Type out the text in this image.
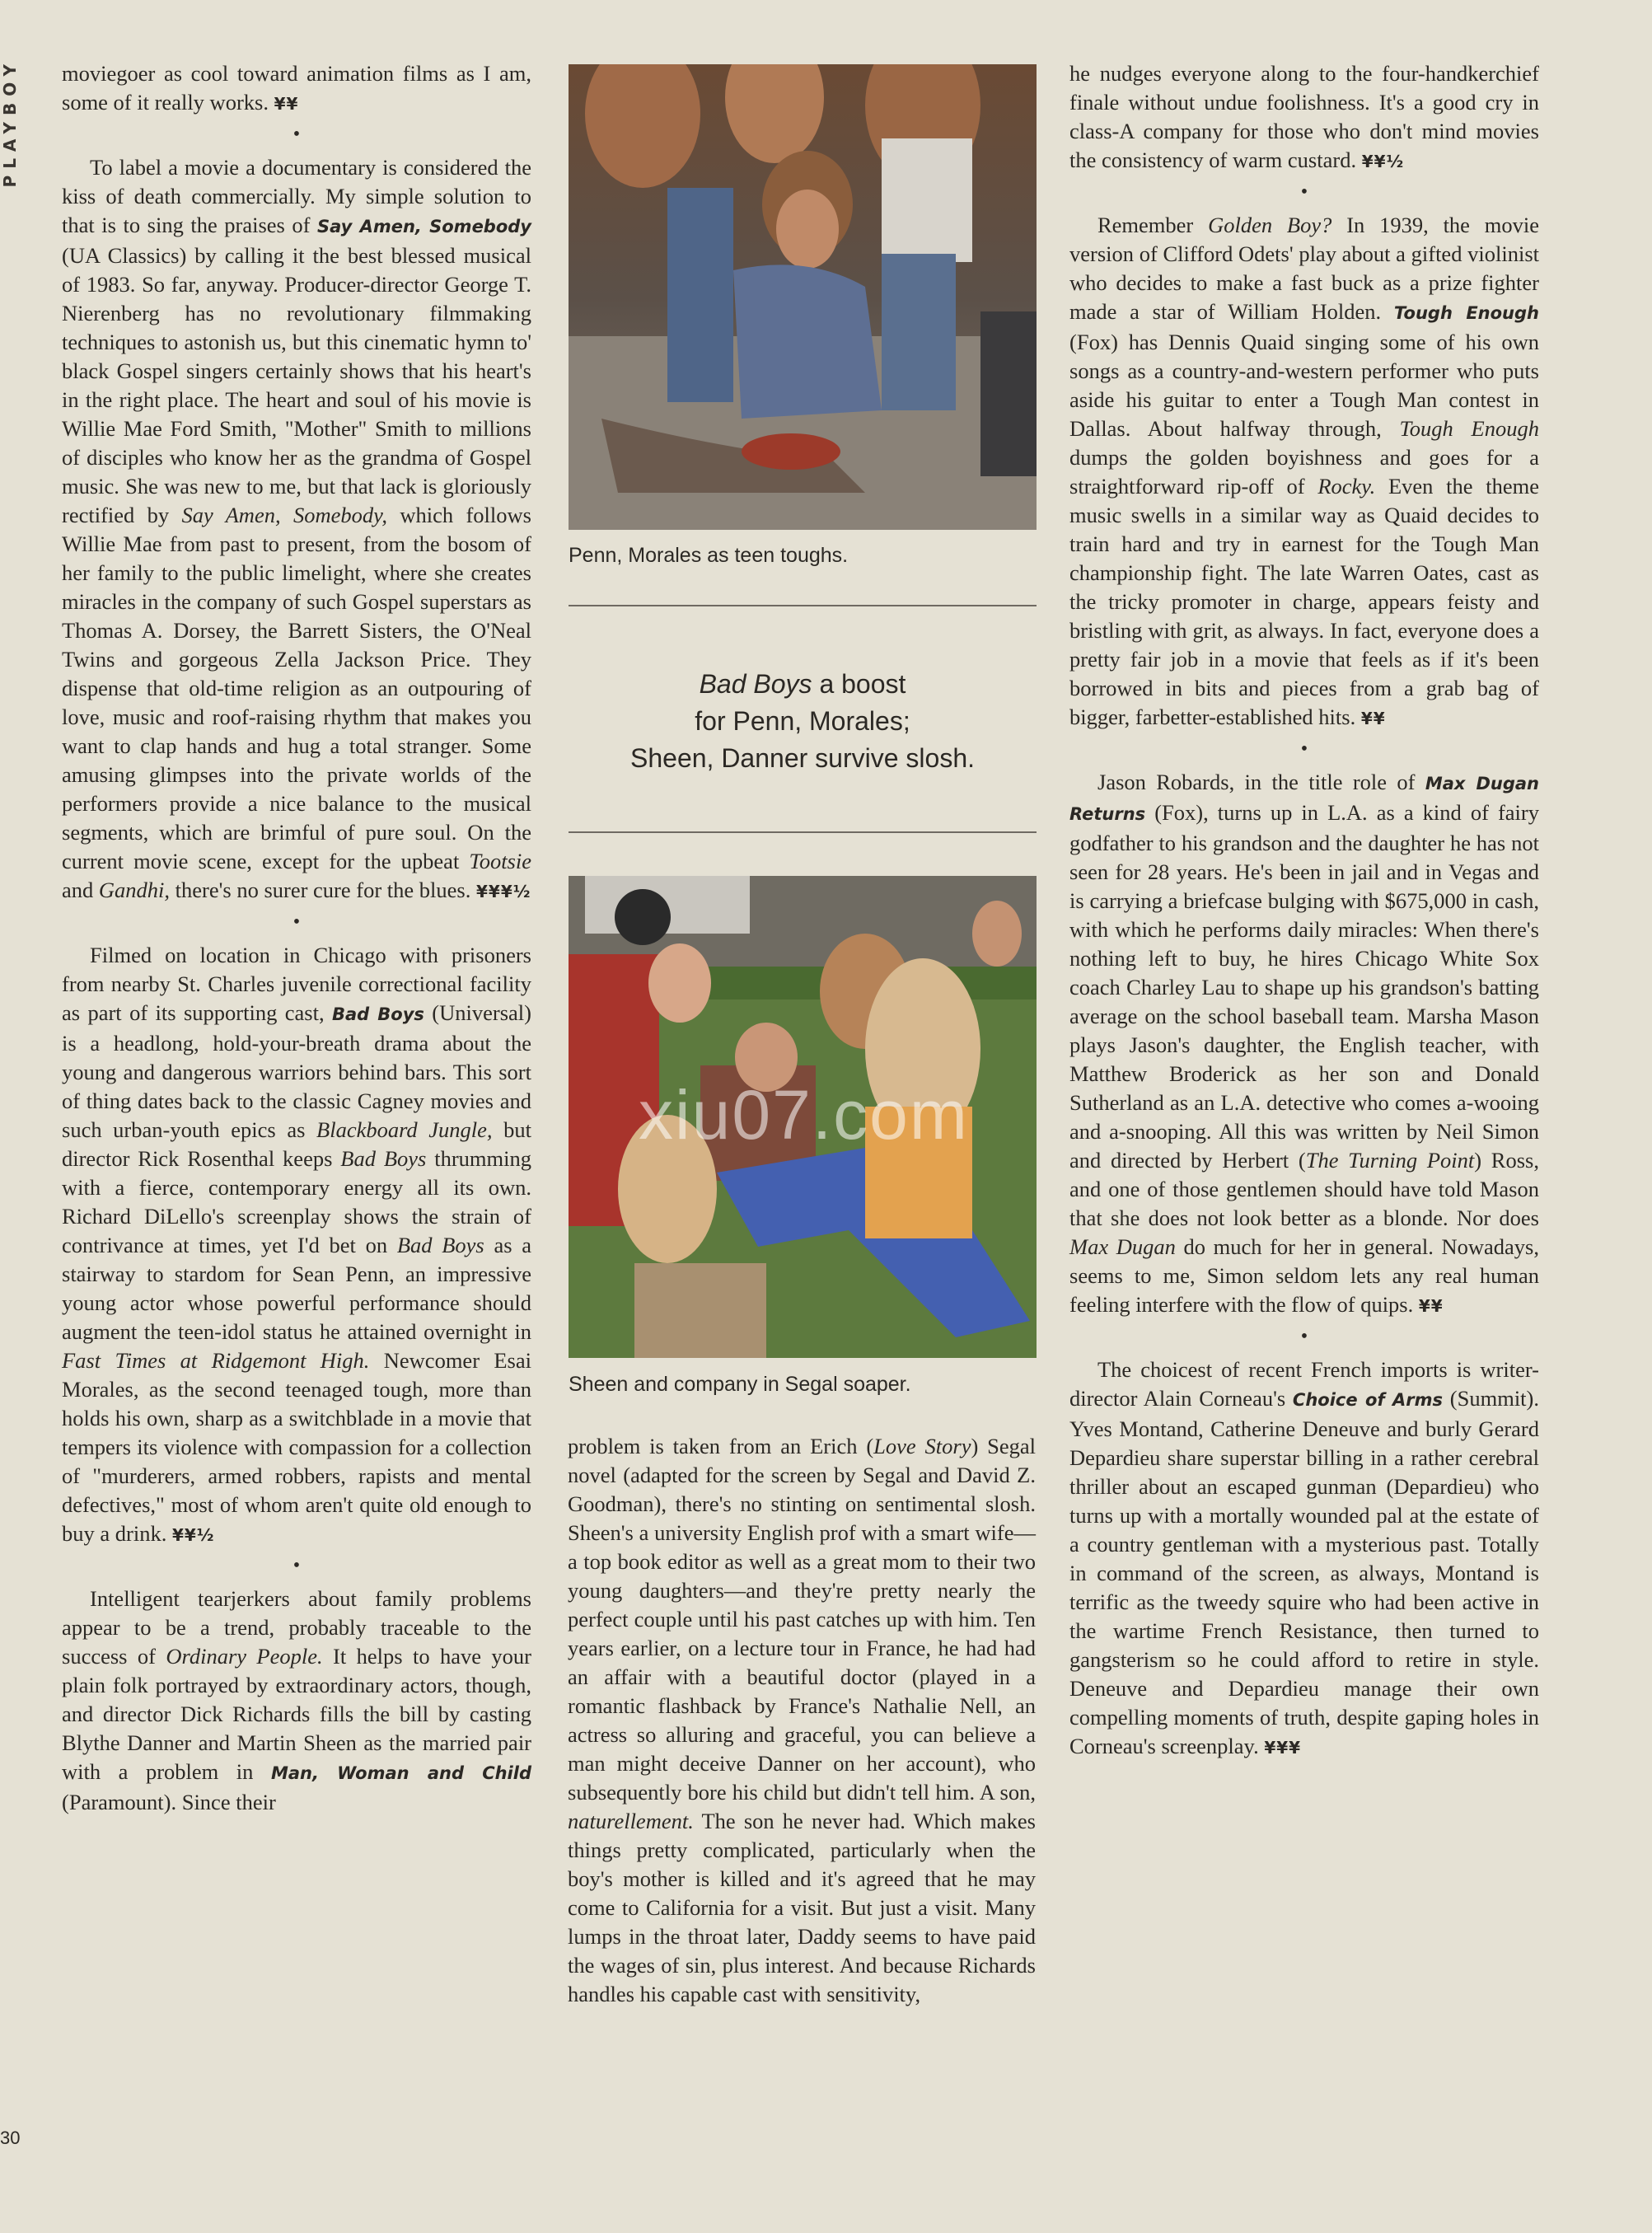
PLAYBOY
30

moviegoer as cool toward animation films as I am, some of it really works. ¥¥

•

To label a movie a documentary is considered the kiss of death commercially. My simple solution to that is to sing the praises of Say Amen, Somebody (UA Classics) by calling it the best blessed musical of 1983. So far, anyway. Producer-director George T. Nierenberg has no revolutionary filmmaking techniques to astonish us, but this cinematic hymn to' black Gospel singers certainly shows that his heart's in the right place. The heart and soul of his movie is Willie Mae Ford Smith, "Mother" Smith to millions of disciples who know her as the grandma of Gospel music. She was new to me, but that lack is gloriously rectified by Say Amen, Somebody, which follows Willie Mae from past to present, from the bosom of her family to the public limelight, where she creates miracles in the company of such Gospel superstars as Thomas A. Dorsey, the Barrett Sisters, the O'Neal Twins and gorgeous Zella Jackson Price. They dispense that old-time religion as an outpouring of love, music and roof-raising rhythm that makes you want to clap hands and hug a total stranger. Some amusing glimpses into the private worlds of the performers provide a nice balance to the musical segments, which are brimful of pure soul. On the current movie scene, except for the upbeat Tootsie and Gandhi, there's no surer cure for the blues. ¥¥¥½

•

Filmed on location in Chicago with prisoners from nearby St. Charles juvenile correctional facility as part of its supporting cast, Bad Boys (Universal) is a headlong, hold-your-breath drama about the young and dangerous warriors behind bars. This sort of thing dates back to the classic Cagney movies and such urban-youth epics as Blackboard Jungle, but director Rick Rosenthal keeps Bad Boys thrumming with a fierce, contemporary energy all its own. Richard DiLello's screenplay shows the strain of contrivance at times, yet I'd bet on Bad Boys as a stairway to stardom for Sean Penn, an impressive young actor whose powerful performance should augment the teen-idol status he attained overnight in Fast Times at Ridgemont High. Newcomer Esai Morales, as the second teenaged tough, more than holds his own, sharp as a switchblade in a movie that tempers its violence with compassion for a collection of "murderers, armed robbers, rapists and mental defectives," most of whom aren't quite old enough to buy a drink. ¥¥½

•

Intelligent tearjerkers about family problems appear to be a trend, probably traceable to the success of Ordinary People. It helps to have your plain folk portrayed by extraordinary actors, though, and director Dick Richards fills the bill by casting Blythe Danner and Martin Sheen as the married pair with a problem in Man, Woman and Child (Paramount). Since their

Penn, Morales as teen toughs.
Bad Boys a boost
for Penn, Morales;
Sheen, Danner survive slosh.
Sheen and company in Segal soaper.

problem is taken from an Erich (Love Story) Segal novel (adapted for the screen by Segal and David Z. Goodman), there's no stinting on sentimental slosh. Sheen's a university English prof with a smart wife—a top book editor as well as a great mom to their two young daughters—and they're pretty nearly the perfect couple until his past catches up with him. Ten years earlier, on a lecture tour in France, he had had an affair with a beautiful doctor (played in a romantic flashback by France's Nathalie Nell, an actress so alluring and graceful, you can believe a man might deceive Danner on her account), who subsequently bore his child but didn't tell him. A son, naturellement. The son he never had. Which makes things pretty complicated, particularly when the boy's mother is killed and it's agreed that he may come to California for a visit. But just a visit. Many lumps in the throat later, Daddy seems to have paid the wages of sin, plus interest. And because Richards handles his capable cast with sensitivity,

he nudges everyone along to the four-handkerchief finale without undue foolishness. It's a good cry in class-A company for those who don't mind movies the consistency of warm custard. ¥¥½

•

Remember Golden Boy? In 1939, the movie version of Clifford Odets' play about a gifted violinist who decides to make a fast buck as a prize fighter made a star of William Holden. Tough Enough (Fox) has Dennis Quaid singing some of his own songs as a country-and-western performer who puts aside his guitar to enter a Tough Man contest in Dallas. About halfway through, Tough Enough dumps the golden boyishness and goes for a straightforward rip-off of Rocky. Even the theme music swells in a similar way as Quaid decides to train hard and try in earnest for the Tough Man championship fight. The late Warren Oates, cast as the tricky promoter in charge, appears feisty and bristling with grit, as always. In fact, everyone does a pretty fair job in a movie that feels as if it's been borrowed in bits and pieces from a grab bag of bigger, farbetter-established hits. ¥¥

•

Jason Robards, in the title role of Max Dugan Returns (Fox), turns up in L.A. as a kind of fairy godfather to his grandson and the daughter he has not seen for 28 years. He's been in jail and in Vegas and is carrying a briefcase bulging with $675,000 in cash, with which he performs daily miracles: When there's nothing left to buy, he hires Chicago White Sox coach Charley Lau to shape up his grandson's batting average on the school baseball team. Marsha Mason plays Jason's daughter, the English teacher, with Matthew Broderick as her son and Donald Sutherland as an L.A. detective who comes a-wooing and a-snooping. All this was written by Neil Simon and directed by Herbert (The Turning Point) Ross, and one of those gentlemen should have told Mason that she does not look better as a blonde. Nor does Max Dugan do much for her in general. Nowadays, seems to me, Simon seldom lets any real human feeling interfere with the flow of quips. ¥¥

•

The choicest of recent French imports is writer-director Alain Corneau's Choice of Arms (Summit). Yves Montand, Catherine Deneuve and burly Gerard Depardieu share superstar billing in a rather cerebral thriller about an escaped gunman (Depardieu) who turns up with a mortally wounded pal at the estate of a country gentleman with a mysterious past. Totally in command of the screen, as always, Montand is terrific as the tweedy squire who had been active in the wartime French Resistance, then turned to gangsterism so he could afford to retire in style. Deneuve and Depardieu manage their own compelling moments of truth, despite gaping holes in Corneau's screenplay. ¥¥¥

xiu07.com
